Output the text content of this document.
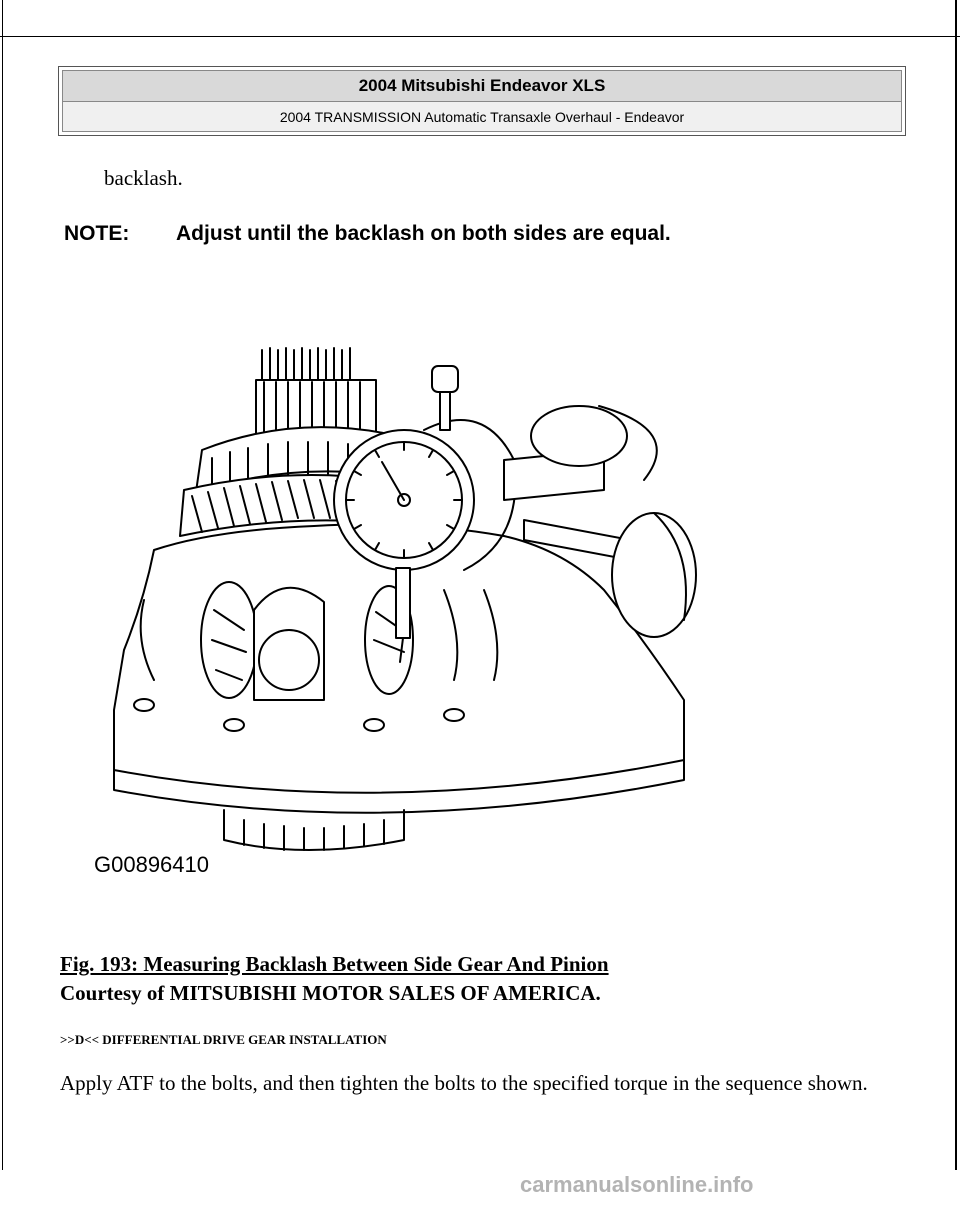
2004 Mitsubishi Endeavor XLS
2004 TRANSMISSION Automatic Transaxle Overhaul - Endeavor
backlash.
NOTE: Adjust until the backlash on both sides are equal.
G00896410
Fig. 193: Measuring Backlash Between Side Gear And Pinion
Courtesy of MITSUBISHI MOTOR SALES OF AMERICA.
>>D<< DIFFERENTIAL DRIVE GEAR INSTALLATION
Apply ATF to the bolts, and then tighten the bolts to the specified torque in the sequence shown.
carmanualsonline.info
